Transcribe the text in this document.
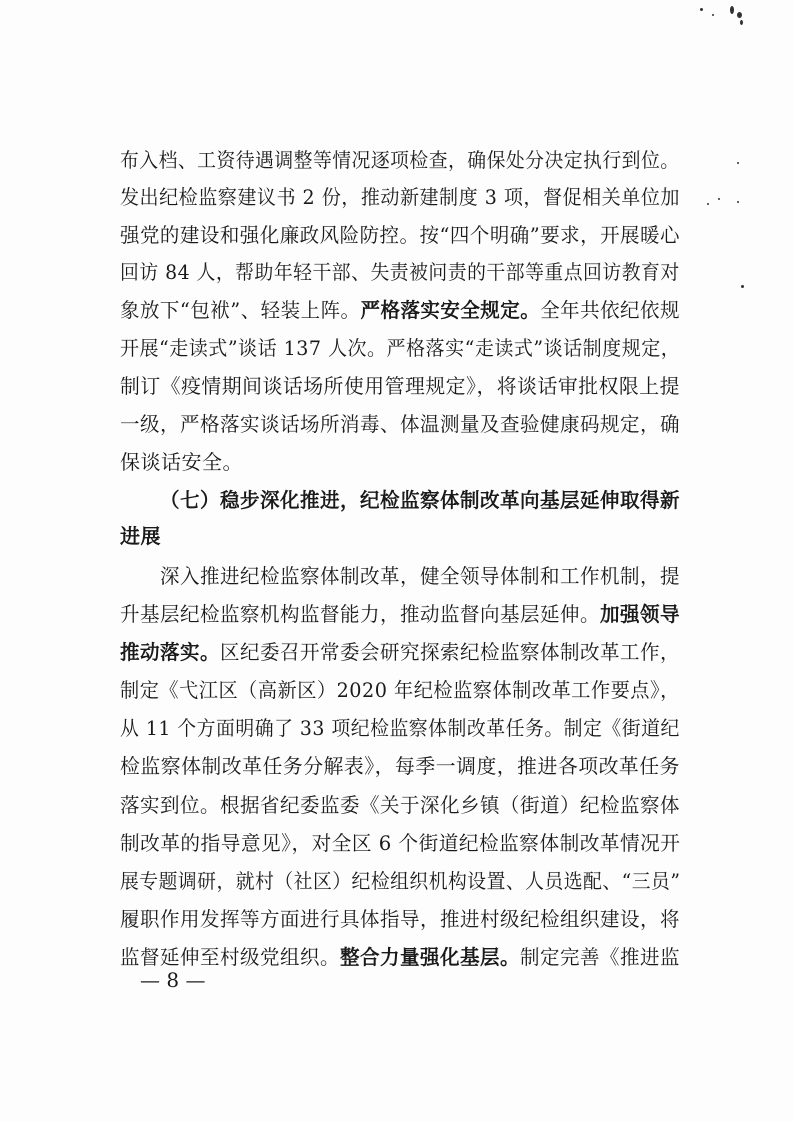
布入档、工资待遇调整等情况逐项检查，确保处分决定执行到位。
发出纪检监察建议书 2 份，推动新建制度 3 项，督促相关单位加
强党的建设和强化廉政风险防控。按“四个明确”要求，开展暖心
回访 84 人，帮助年轻干部、失责被问责的干部等重点回访教育对
象放下“包袱”、轻装上阵。严格落实安全规定。全年共依纪依规
开展“走读式”谈话 137 人次。严格落实“走读式”谈话制度规定，
制订《疫情期间谈话场所使用管理规定》，将谈话审批权限上提
一级，严格落实谈话场所消毒、体温测量及查验健康码规定，确
保谈话安全。
（七）稳步深化推进，纪检监察体制改革向基层延伸取得新
进展
深入推进纪检监察体制改革，健全领导体制和工作机制，提
升基层纪检监察机构监督能力，推动监督向基层延伸。加强领导
推动落实。区纪委召开常委会研究探索纪检监察体制改革工作，
制定《弋江区（高新区）2020 年纪检监察体制改革工作要点》，
从 11 个方面明确了 33 项纪检监察体制改革任务。制定《街道纪
检监察体制改革任务分解表》，每季一调度，推进各项改革任务
落实到位。根据省纪委监委《关于深化乡镇（街道）纪检监察体
制改革的指导意见》，对全区 6 个街道纪检监察体制改革情况开
展专题调研，就村（社区）纪检组织机构设置、人员选配、“三员”
履职作用发挥等方面进行具体指导，推进村级纪检组织建设，将
监督延伸至村级党组织。整合力量强化基层。制定完善《推进监
— 8 —
